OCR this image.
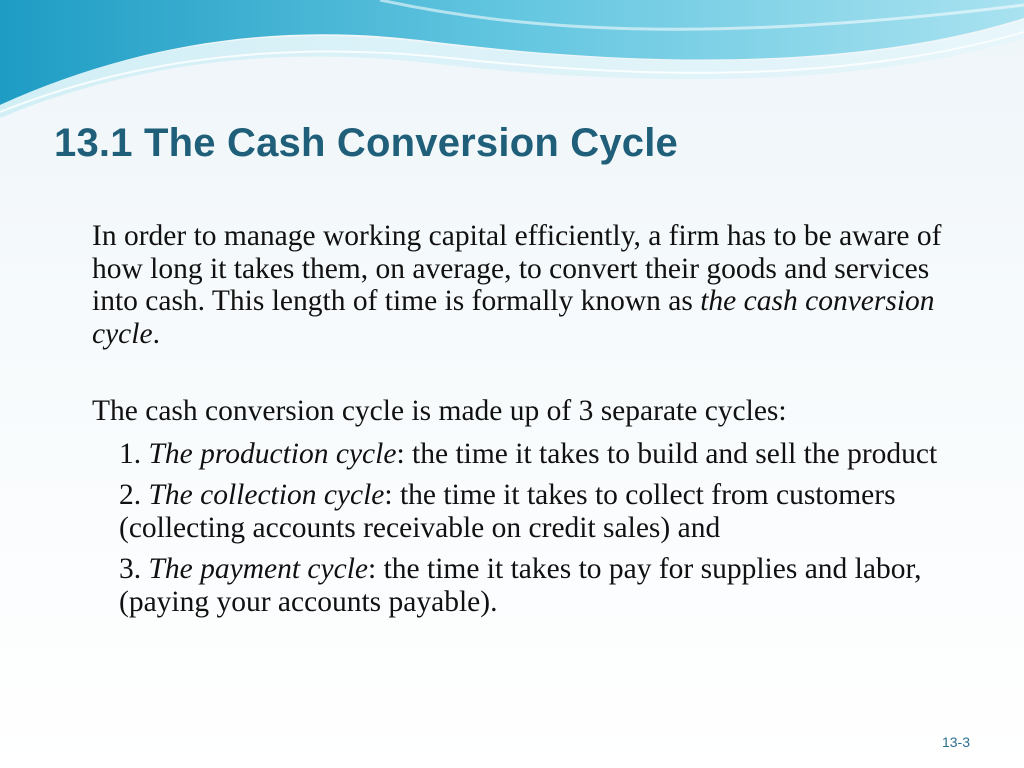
13.1 The Cash Conversion Cycle

In order to manage working capital efficiently, a firm has to be aware of how long it takes them, on average, to convert their goods and services into cash. This length of time is formally known as the cash conversion cycle.

The cash conversion cycle is made up of 3 separate cycles:

1. The production cycle: the time it takes to build and sell the product
2. The collection cycle: the time it takes to collect from customers (collecting accounts receivable on credit sales) and
3. The payment cycle: the time it takes to pay for supplies and labor, (paying your accounts payable).
13-3
